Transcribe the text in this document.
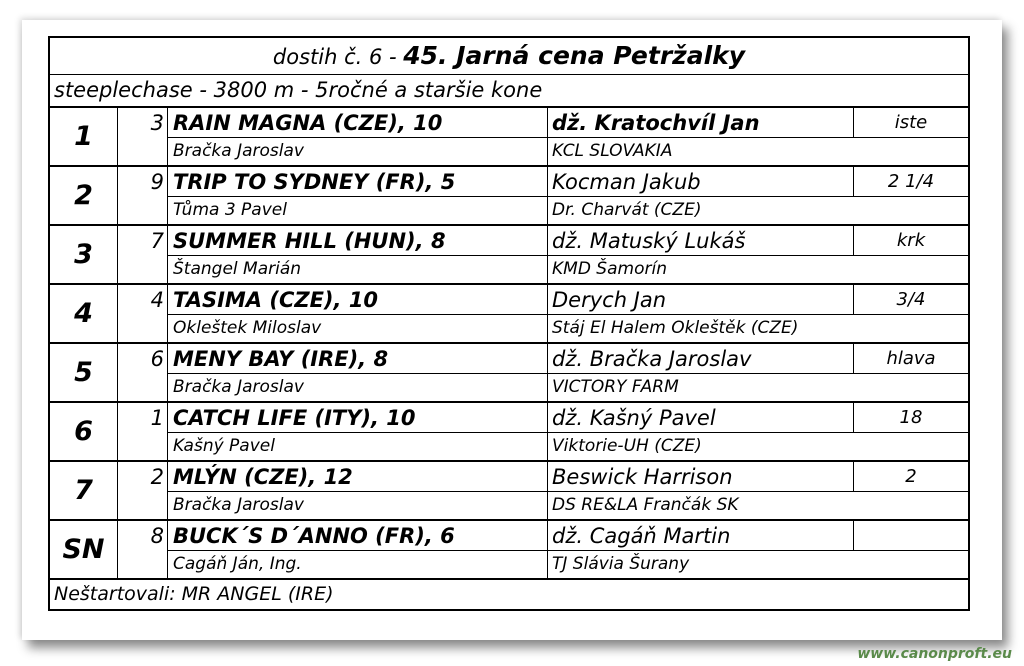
dostih č. 6 - 45. Jarná cena Petržalky
steeplechase - 3800 m - 5ročné a staršie kone
1	3 RAIN MAGNA (CZE), 10	dž. Kratochvíl Jan	iste
Bračka Jaroslav	KCL SLOVAKIA
2	9 TRIP TO SYDNEY (FR), 5	Kocman Jakub	2 1/4
Tůma 3 Pavel	Dr. Charvát (CZE)
3	7 SUMMER HILL (HUN), 8	dž. Matuský Lukáš	krk
Štangel Marián	KMD Šamorín
4	4 TASIMA (CZE), 10	Derych Jan	3/4
Okleštek Miloslav	Stáj El Halem Okleštěk (CZE)
5	6 MENY BAY (IRE), 8	dž. Bračka Jaroslav	hlava
Bračka Jaroslav	VICTORY FARM
6	1 CATCH LIFE (ITY), 10	dž. Kašný Pavel	18
Kašný Pavel	Viktorie-UH (CZE)
7	2 MLÝN (CZE), 12	Beswick Harrison	2
Bračka Jaroslav	DS RE&LA Frančák SK
SN	8 BUCK´S D´ANNO (FR), 6	dž. Cagáň Martin
Cagáň Ján, Ing.	TJ Slávia Šurany
Neštartovali: MR ANGEL (IRE)
www.canonproft.eu
